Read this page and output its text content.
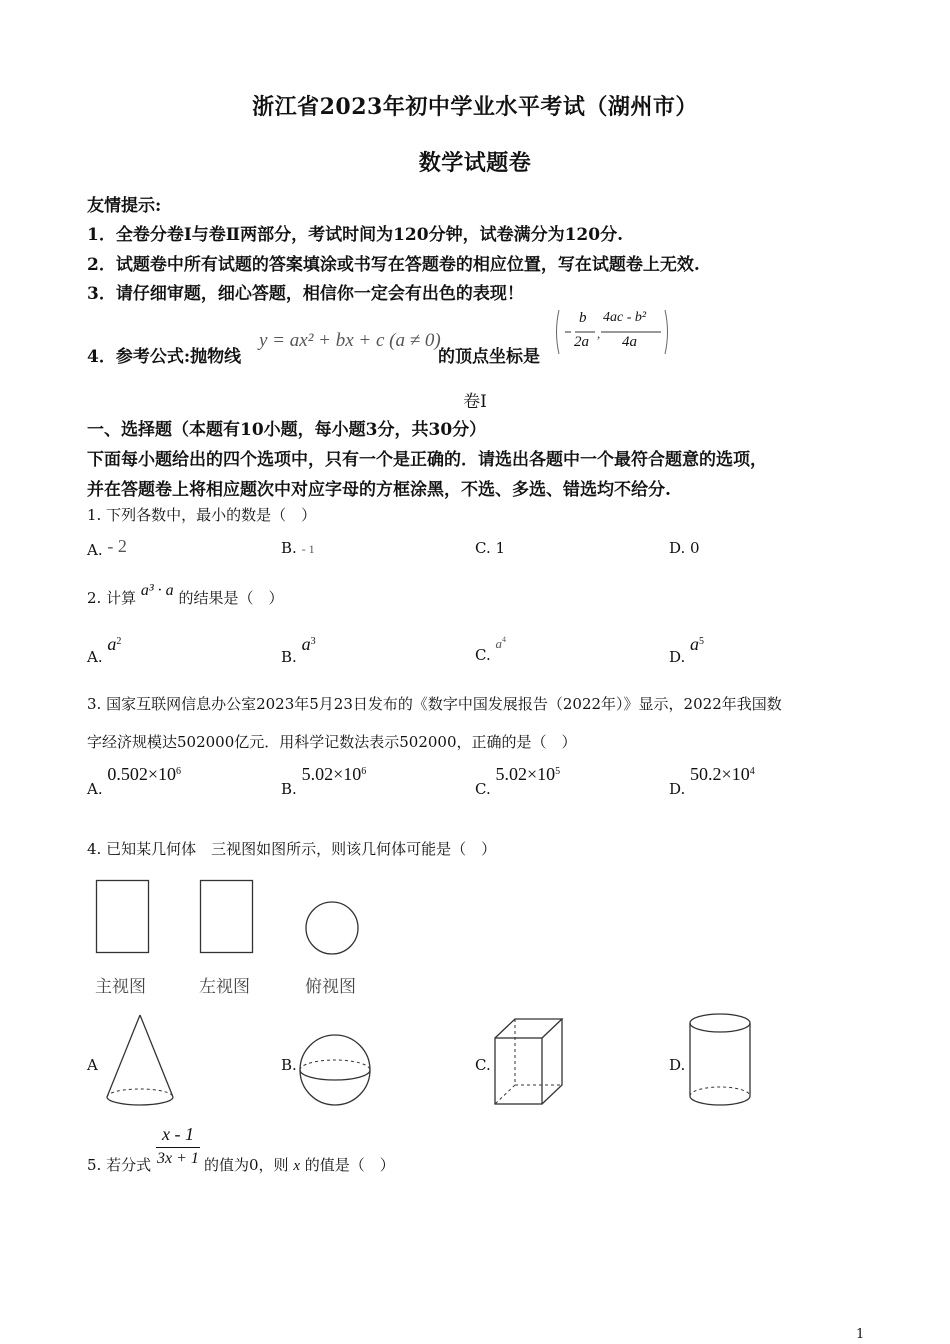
浙江省2023年初中学业水平考试（湖州市）
数学试题卷
友情提示:
1．全卷分卷Ⅰ与卷Ⅱ两部分，考试时间为120分钟，试卷满分为120分.
2．试题卷中所有试题的答案填涂或书写在答题卷的相应位置，写在试题卷上无效.
3．请仔细审题，细心答题，相信你一定会有出色的表现！
4．参考公式:抛物线
y = ax² + bx + c (a ≠ 0)
的顶点坐标是
,
b
2a
4ac - b²
4a
卷Ⅰ
一、选择题（本题有10小题，每小题3分，共30分）
下面每小题给出的四个选项中，只有一个是正确的．请选出各题中一个最符合题意的选项，
并在答题卷上将相应题次中对应字母的方框涂黑，不选、多选、错选均不给分.
1. 下列各数中，最小的数是（　）
A. - 2	B. - 1	C. 1	D. 0
2. 计算 a³ · a 的结果是（　）
A. $a^2$
B. $a^3$
C. $a^4$
D. $a^5$
3. 国家互联网信息办公室2023年5月23日发布的《数字中国发展报告（2022年）》显示，2022年我国数
字经济规模达502000亿元．用科学记数法表示502000，正确的是（　）
A. $0.502\times 10^6$
B. $5.02\times 10^6$
C. $5.02\times 10^5$
D. $50.2\times 10^4$
4. 已知某几何体　三视图如图所示，则该几何体可能是（　）
主视图	左视图	俯视图
A	B.	C.	D.
5. 若分式 $\frac{x - 1}{3x + 1}$ 的值为0，则 x 的值是（　）
1
